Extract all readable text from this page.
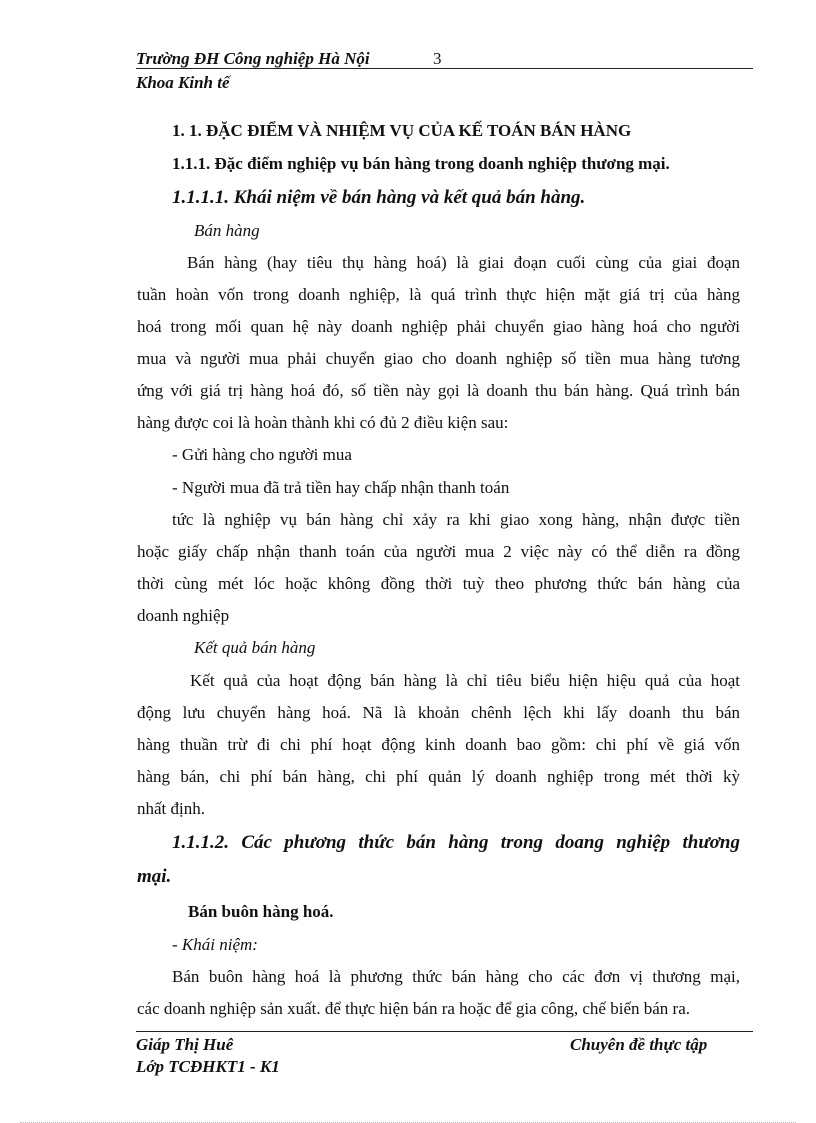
Trường ĐH Công nghiệp Hà Nội	3
Khoa Kinh tế
1. 1. ĐẶC ĐIỂM VÀ NHIỆM VỤ CỦA KẾ TOÁN BÁN HÀNG
1.1.1. Đặc điểm nghiệp vụ bán hàng trong doanh nghiệp thương mại.
1.1.1.1. Khái niệm về bán hàng và kết quả bán hàng.
Bán hàng
Bán hàng (hay tiêu thụ hàng hoá) là giai đoạn cuối cùng của giai đoạn
tuần hoàn vốn trong doanh nghiệp, là quá trình thực hiện mặt giá trị của hàng
hoá trong mối quan hệ này doanh nghiệp phải chuyển giao hàng hoá cho người
mua và người mua phải chuyển giao cho doanh nghiệp số tiền mua hàng tương
ứng với giá trị hàng hoá đó, số tiền này gọi là doanh thu bán hàng. Quá trình bán
hàng được coi là hoàn thành khi có đủ 2 điều kiện sau:
- Gửi hàng cho người mua
- Người mua đã trả tiền hay chấp nhận thanh toán
tức là nghiệp vụ bán hàng chỉ xảy ra khi giao xong hàng, nhận được tiền
hoặc giấy chấp nhận thanh toán của người mua 2 việc này có thể diễn ra đồng
thời cùng mét lóc hoặc không đồng thời tuỳ theo phương thức bán hàng của
doanh nghiệp
Kết quả bán hàng
Kết quả của hoạt động bán hàng là chỉ tiêu biểu hiện hiệu quả của hoạt
động lưu chuyển hàng hoá. Nã là khoản chênh lệch khi lấy doanh thu bán
hàng thuần trừ đi chi phí hoạt động kinh doanh bao gồm: chi phí về giá vốn
hàng bán, chi phí bán hàng, chi phí quản lý doanh nghiệp trong mét thời kỳ
nhất định.
1.1.1.2. Các phương thức bán hàng trong doang nghiệp thương
mại.
Bán buôn hàng hoá.
- Khái niệm:
Bán buôn hàng hoá là phương thức bán hàng cho các đơn vị thương mại,
các doanh nghiệp sản xuất. để thực hiện bán ra hoặc để gia công, chế biến bán ra.
Giáp Thị Huê	Chuyên đề thực tập
Lớp TCĐHKT1 - K1
